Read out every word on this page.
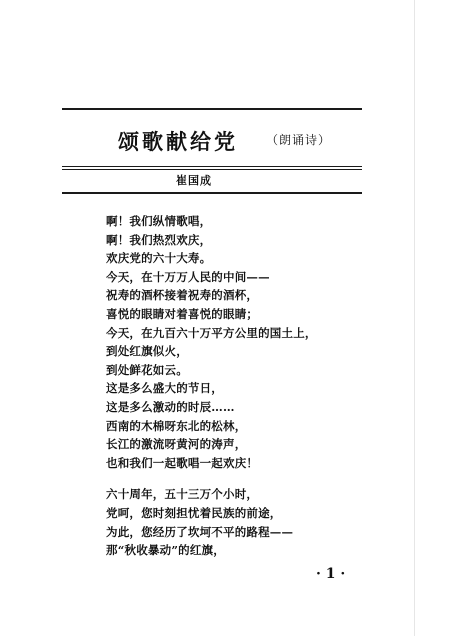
颂歌献给党 （朗诵诗）
崔国成
啊！我们纵情歌唱，
啊！我们热烈欢庆，
欢庆党的六十大寿。
今天，在十万万人民的中间——
祝寿的酒杯接着祝寿的酒杯，
喜悦的眼睛对着喜悦的眼睛；
今天，在九百六十万平方公里的国土上，
到处红旗似火，
到处鲜花如云。
这是多么盛大的节日，
这是多么激动的时辰……
西南的木棉呀东北的松林，
长江的激流呀黄河的涛声，
也和我们一起歌唱一起欢庆！
六十周年，五十三万个小时，
党呵，您时刻担忧着民族的前途，
为此，您经历了坎坷不平的路程——
那“秋收暴动”的红旗，
· 1 ·
